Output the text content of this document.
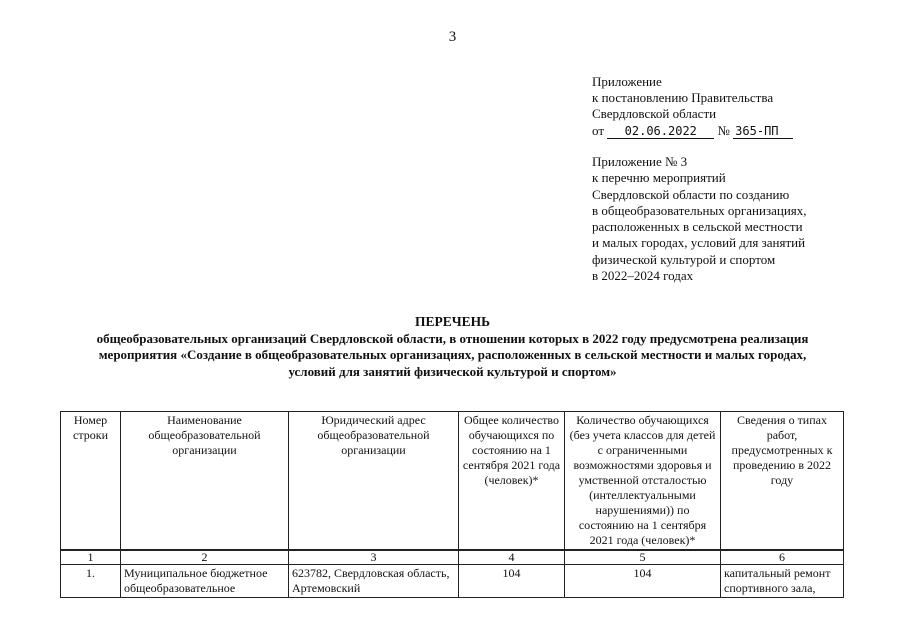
3
Приложение
к постановлению Правительства
Свердловской области
от 02.06.2022 № 365-ПП
Приложение № 3
к перечню мероприятий
Свердловской области по созданию
в общеобразовательных организациях,
расположенных в сельской местности
и малых городах, условий для занятий
физической культурой и спортом
в 2022–2024 годах
ПЕРЕЧЕНЬ
общеобразовательных организаций Свердловской области, в отношении которых в 2022 году предусмотрена реализация
мероприятия «Создание в общеобразовательных организациях, расположенных в сельской местности и малых городах,
условий для занятий физической культурой и спортом»
Номер строки	Наименование общеобразовательной организации	Юридический адрес общеобразовательной организации	Общее количество обучающихся по состоянию на 1 сентября 2021 года (человек)*	Количество обучающихся (без учета классов для детей с ограниченными возможностями здоровья и умственной отсталостью (интеллектуальными нарушениями)) по состоянию на 1 сентября 2021 года (человек)*	Сведения о типах работ, предусмотренных к проведению в 2022 году
1	2	3	4	5	6
1.	Муниципальное бюджетное общеобразовательное	623782, Свердловская область, Артемовский	104	104	капитальный ремонт спортивного зала,
